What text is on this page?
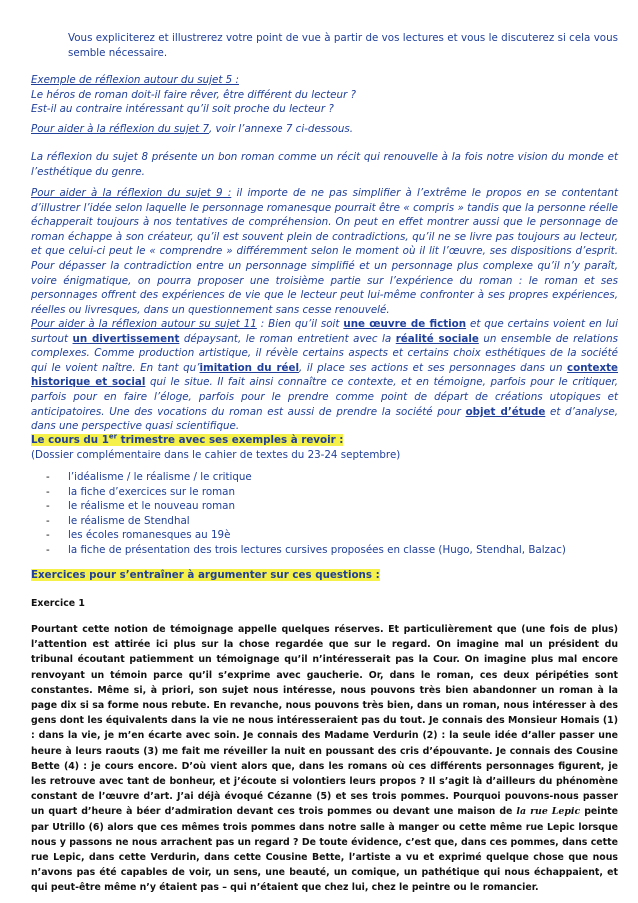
Vous expliciterez et illustrerez votre point de vue à partir de vos lectures et vous le discuterez si cela vous semble nécessaire.
Exemple de réflexion autour du sujet 5 :
Le héros de roman doit-il faire rêver, être différent du lecteur ?
Est-il au contraire intéressant qu’il soit proche du lecteur ?
Pour aider à la réflexion du sujet 7, voir l’annexe 7 ci-dessous.
La réflexion du sujet 8 présente un bon roman comme un récit qui renouvelle à la fois notre vision du monde et l’esthétique du genre.
Pour aider à la réflexion du sujet 9 : il importe de ne pas simplifier à l’extrême le propos en se contentant d’illustrer l’idée selon laquelle le personnage romanesque pourrait être « compris » tandis que la personne réelle échapperait toujours à nos tentatives de compréhension. On peut en effet montrer aussi que le personnage de roman échappe à son créateur, qu’il est souvent plein de contradictions, qu’il ne se livre pas toujours au lecteur, et que celui-ci peut le « comprendre » différemment selon le moment où il lit l’œuvre, ses dispositions d’esprit. Pour dépasser la contradiction entre un personnage simplifié et un personnage plus complexe qu’il n’y paraît, voire énigmatique, on pourra proposer une troisième partie sur l’expérience du roman : le roman et ses personnages offrent des expériences de vie que le lecteur peut lui-même confronter à ses propres expériences, réelles ou livresques, dans un questionnement sans cesse renouvelé.
Pour aider à la réflexion autour su sujet 11 : Bien qu’il soit une œuvre de fiction et que certains voient en lui surtout un divertissement dépaysant, le roman entretient avec la réalité sociale un ensemble de relations complexes. Comme production artistique, il révèle certains aspects et certains choix esthétiques de la société qui le voient naître. En tant qu’imitation du réel, il place ses actions et ses personnages dans un contexte historique et social qui le situe. Il fait ainsi connaître ce contexte, et en témoigne, parfois pour le critiquer, parfois pour en faire l’éloge, parfois pour le prendre comme point de départ de créations utopiques et anticipatoires. Une des vocations du roman est aussi de prendre la société pour objet d’étude et d’analyse, dans une perspective quasi scientifique.
Le cours du 1er trimestre avec ses exemples à revoir :
(Dossier complémentaire dans le cahier de textes du 23-24 septembre)
- l’idéalisme / le réalisme / le critique
- la fiche d’exercices sur le roman
- le réalisme et le nouveau roman
- le réalisme de Stendhal
- les écoles romanesques au 19è
- la fiche de présentation des trois lectures cursives proposées en classe (Hugo, Stendhal, Balzac)
Exercices pour s’entraîner à argumenter sur ces questions :
Exercice 1
Pourtant cette notion de témoignage appelle quelques réserves. Et particulièrement que (une fois de plus) l’attention est attirée ici plus sur la chose regardée que sur le regard. On imagine mal un président du tribunal écoutant patiemment un témoignage qu’il n’intéresserait pas la Cour. On imagine plus mal encore renvoyant un témoin parce qu’il s’exprime avec gaucherie. Or, dans le roman, ces deux péripéties sont constantes. Même si, à priori, son sujet nous intéresse, nous pouvons très bien abandonner un roman à la page dix si sa forme nous rebute. En revanche, nous pouvons très bien, dans un roman, nous intéresser à des gens dont les équivalents dans la vie ne nous intéresseraient pas du tout. Je connais des Monsieur Homais (1) : dans la vie, je m’en écarte avec soin. Je connais des Madame Verdurin (2) : la seule idée d’aller passer une heure à leurs raouts (3) me fait me réveiller la nuit en poussant des cris d’épouvante. Je connais des Cousine Bette (4) : je cours encore. D’où vient alors que, dans les romans où ces différents personnages figurent, je les retrouve avec tant de bonheur, et j’écoute si volontiers leurs propos ? Il s’agit là d’ailleurs du phénomène constant de l’œuvre d’art. J’ai déjà évoqué Cézanne (5) et ses trois pommes. Pourquoi pouvons-nous passer un quart d’heure à béer d’admiration devant ces trois pommes ou devant une maison de la rue Lepic peinte par Utrillo (6) alors que ces mêmes trois pommes dans notre salle à manger ou cette même rue Lepic lorsque nous y passons ne nous arrachent pas un regard ? De toute évidence, c’est que, dans ces pommes, dans cette rue Lepic, dans cette Verdurin, dans cette Cousine Bette, l’artiste a vu et exprimé quelque chose que nous n’avons pas été capables de voir, un sens, une beauté, un comique, un pathétique qui nous échappaient, et qui peut-être même n’y étaient pas – qui n’étaient que chez lui, chez le peintre ou le romancier.
